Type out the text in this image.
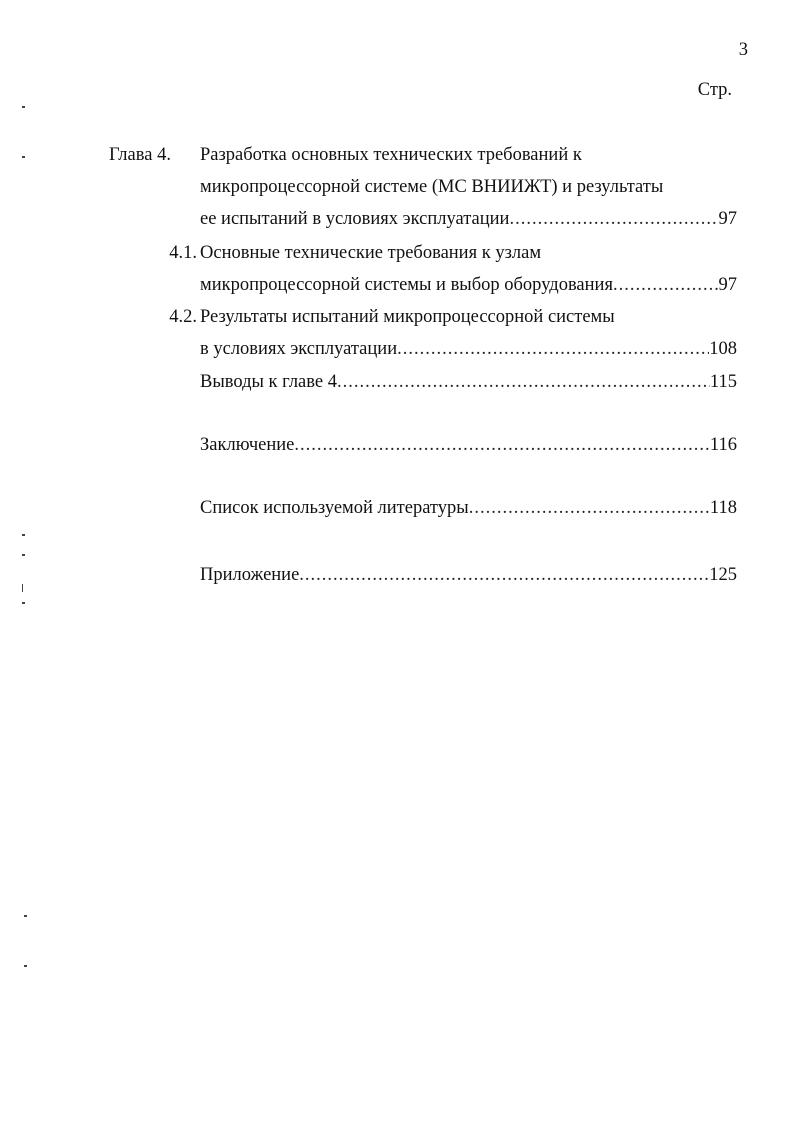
3
Стр.
Глава 4. Разработка основных технических требований к
микропроцессорной системе (МС ВНИИЖТ) и результаты
ее испытаний в условиях эксплуатации .....	97
4.1. Основные технические требования к узлам
микропроцессорной системы и выбор оборудования .....	97
4.2. Результаты испытаний микропроцессорной системы
в условиях эксплуатации .....	108
Выводы к главе 4 .....	115
Заключение .....	116
Список используемой литературы .....	118
Приложение .....	125
